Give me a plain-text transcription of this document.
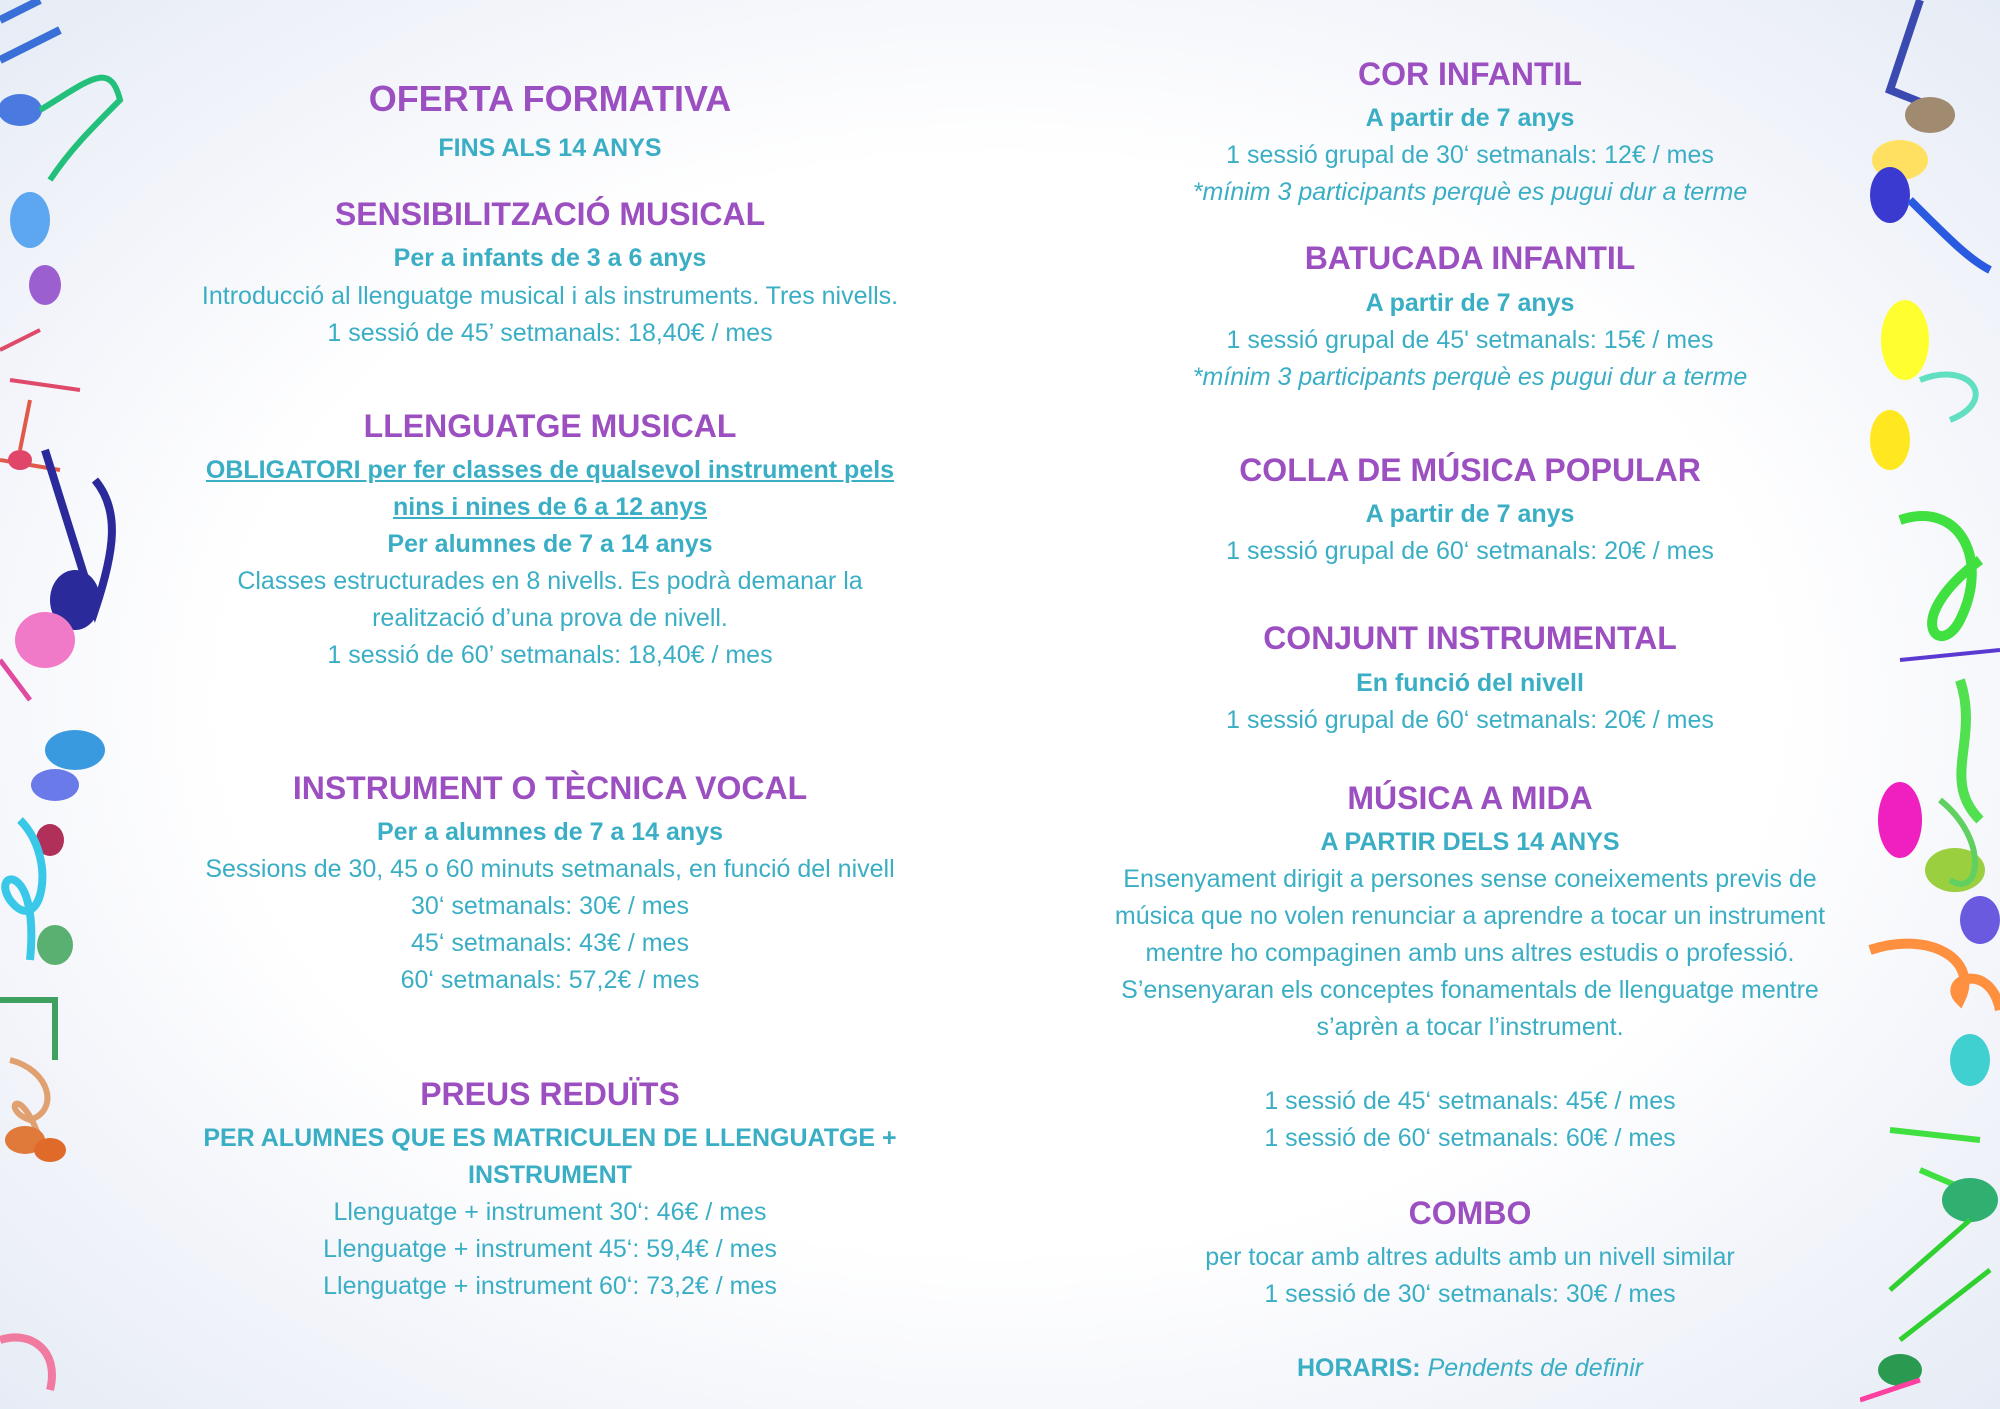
OFERTA FORMATIVA
FINS ALS 14 ANYS
SENSIBILITZACIÓ MUSICAL
Per a infants de 3 a 6 anys
Introducció al llenguatge musical i als instruments. Tres nivells.
1 sessió de 45’ setmanals: 18,40€ / mes
LLENGUATGE MUSICAL
OBLIGATORI per fer classes de qualsevol instrument pels
nins i nines de 6 a 12 anys
Per alumnes de 7 a 14 anys
Classes estructurades en 8 nivells. Es podrà demanar la
realització d’una prova de nivell.
1 sessió de 60’ setmanals: 18,40€ / mes
INSTRUMENT O TÈCNICA VOCAL
Per a alumnes de 7 a 14 anys
Sessions de 30, 45 o 60 minuts setmanals, en funció del nivell
30‘ setmanals: 30€ / mes
45‘ setmanals: 43€ / mes
60‘ setmanals: 57,2€ / mes
PREUS REDUÏTS
PER ALUMNES QUE ES MATRICULEN DE LLENGUATGE +
INSTRUMENT
Llenguatge + instrument 30‘: 46€ / mes
Llenguatge + instrument 45‘: 59,4€ / mes
Llenguatge + instrument 60‘: 73,2€ / mes
COR INFANTIL
A partir de 7 anys
1 sessió grupal de 30‘ setmanals: 12€ / mes
*mínim 3 participants perquè es pugui dur a terme
BATUCADA INFANTIL
A partir de 7 anys
1 sessió grupal de 45' setmanals: 15€ / mes
*mínim 3 participants perquè es pugui dur a terme
COLLA DE MÚSICA POPULAR
A partir de 7 anys
1 sessió grupal de 60‘ setmanals: 20€ / mes
CONJUNT INSTRUMENTAL
En funció del nivell
1 sessió grupal de 60‘ setmanals: 20€ / mes
MÚSICA A MIDA
A PARTIR DELS 14 ANYS
Ensenyament dirigit a persones sense coneixements previs de
música que no volen renunciar a aprendre a tocar un instrument
mentre ho compaginen amb uns altres estudis o professió.
S’ensenyaran els conceptes fonamentals de llenguatge mentre
s’aprèn a tocar l’instrument.
1 sessió de 45‘ setmanals: 45€ / mes
1 sessió de 60‘ setmanals: 60€ / mes
COMBO
per tocar amb altres adults amb un nivell similar
1 sessió de 30‘ setmanals: 30€ / mes
HORARIS: Pendents de definir
